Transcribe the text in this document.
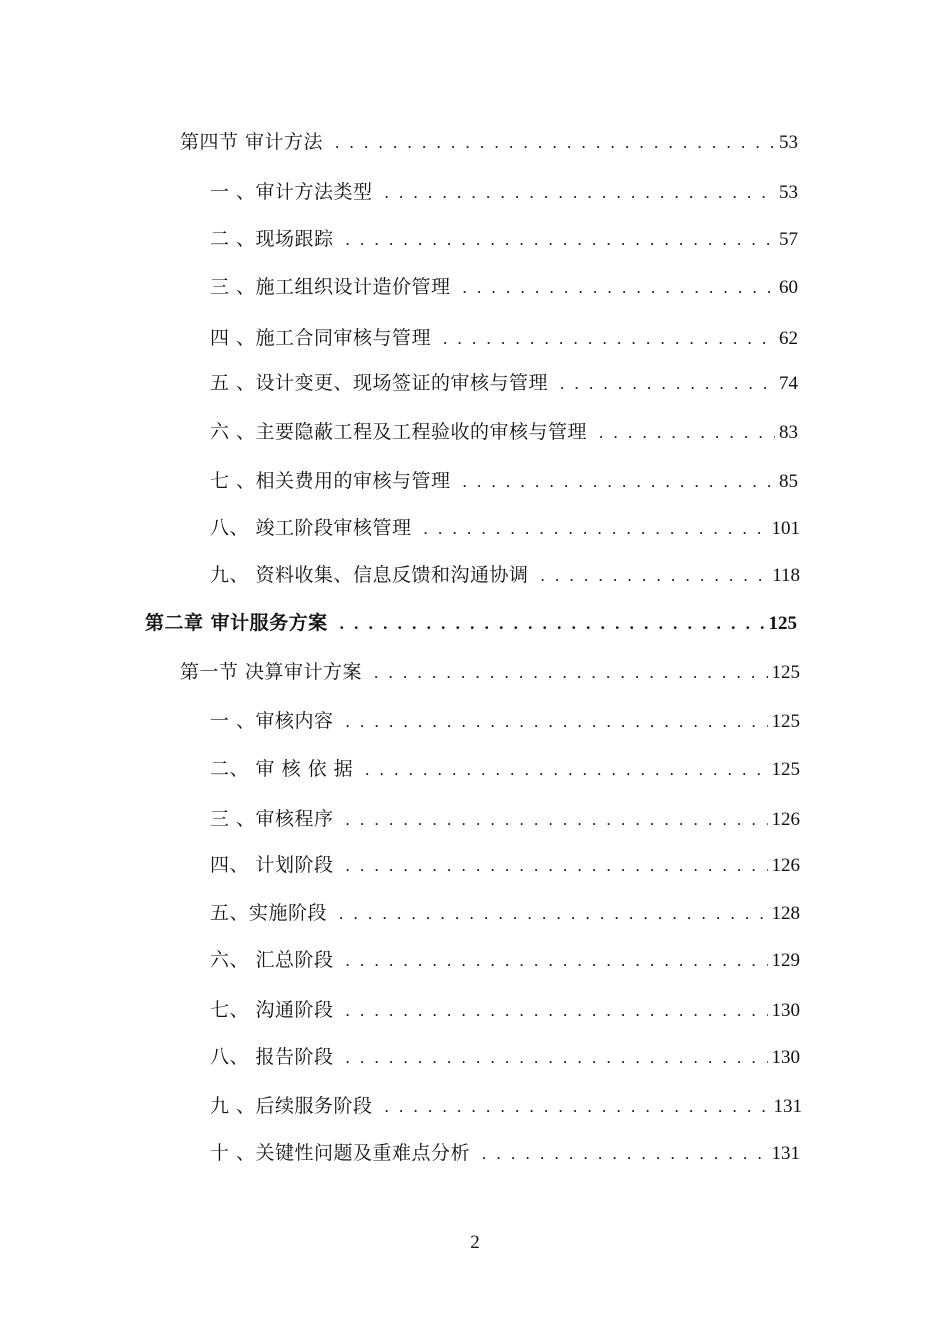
第四节 审计方法 . . .	53
一 、审计方法类型 . . .	53
二 、现场跟踪 . . .	57
三 、施工组织设计造价管理 . . .	60
四 、施工合同审核与管理 . . .	62
五 、设计变更、现场签证的审核与管理 . . .	74
六 、主要隐蔽工程及工程验收的审核与管理 . . .	83
七 、相关费用的审核与管理 . . .	85
八、 竣工阶段审核管理 . . .	101
九、 资料收集、信息反馈和沟通协调 . . .	118
第二章 审计服务方案 . . .	125
第一节 决算审计方案 . . .	125
一 、审核内容 . . .	125
二、 审 核 依 据 . . .	125
三 、审核程序 . . .	126
四、 计划阶段 . . .	126
五、实施阶段 . . .	128
六、 汇总阶段 . . .	129
七、 沟通阶段 . . .	130
八、 报告阶段 . . .	130
九 、后续服务阶段 . . .	131
十 、关键性问题及重难点分析 . . .	131
2
